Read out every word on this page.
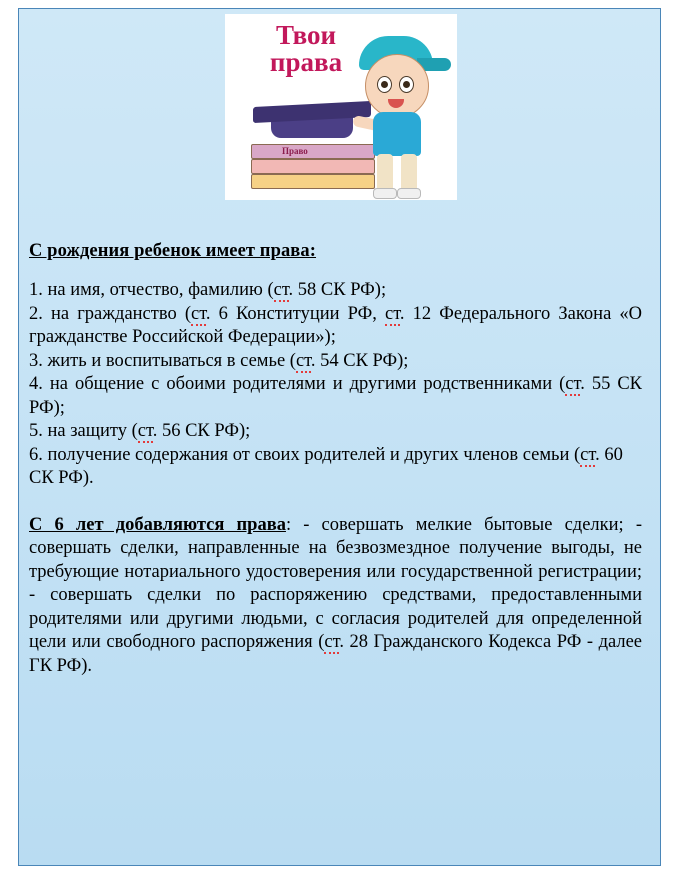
Твои
права
Право

С рождения ребенок имеет права:

1. на имя, отчество, фамилию (ст. 58 СК РФ);
2. на гражданство (ст. 6 Конституции РФ, ст. 12 Федерального Закона «О гражданстве Российской Федерации»);
3. жить и воспитываться в семье (ст. 54 СК РФ);
4. на общение с обоими родителями и другими родственниками (ст. 55 СК РФ);
5. на защиту (ст. 56 СК РФ);
6. получение содержания от своих родителей и других членов семьи (ст. 60 СК РФ).

С 6 лет добавляются права: - совершать мелкие бытовые сделки; - совершать сделки, направленные на безвозмездное получение выгоды, не требующие нотариального удостоверения или государственной регистрации; - совершать сделки по распоряжению средствами, предоставленными родителями или другими людьми, с согласия родителей для определенной цели или свободного распоряжения (ст. 28 Гражданского Кодекса РФ - далее ГК РФ).
